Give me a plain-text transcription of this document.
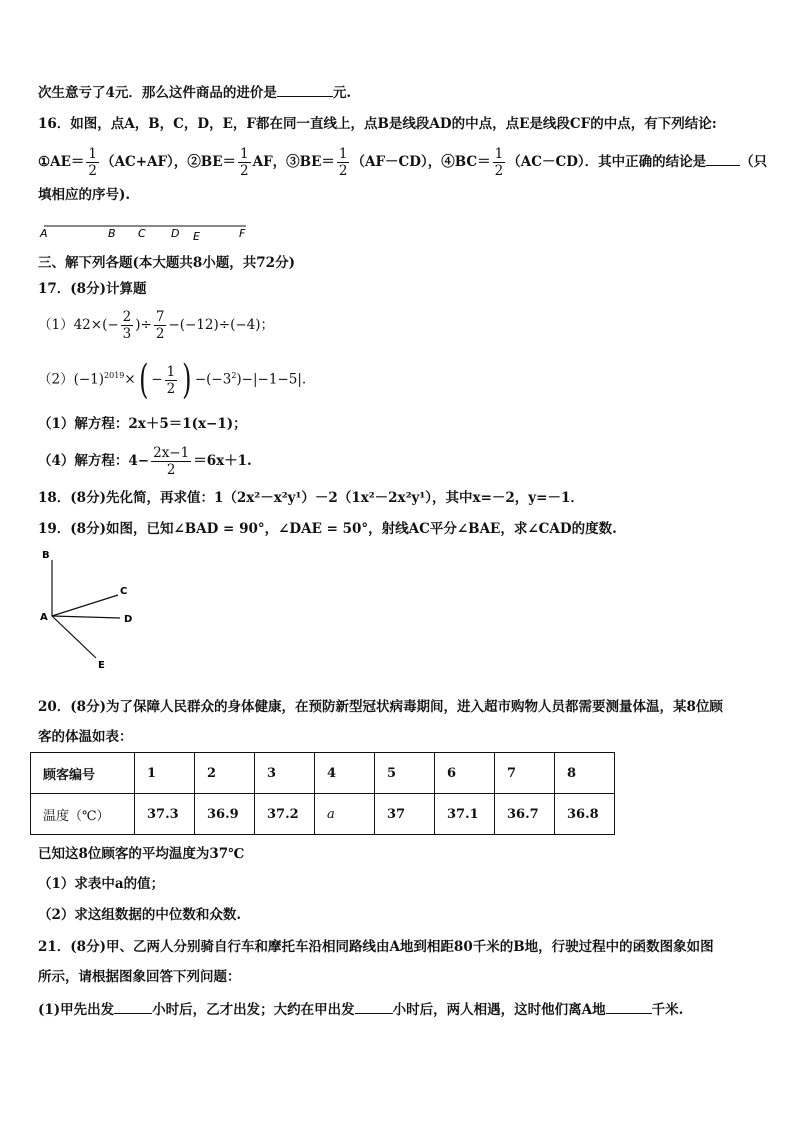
次生意亏了4元．那么这件商品的进价是	元.
16．如图，点A，B，C，D，E，F都在同一直线上，点B是线段AD的中点，点E是线段CF的中点，有下列结论:
①AE＝ $\frac{1}{2} (AC+AF)$，②BE＝ $\frac{1}{2}$ AF，③BE＝ $\frac{1}{2} (AF-CD)$，④BC＝ $\frac{1}{2} (AC-CD)$．其中正确的结论是	（只
填相应的序号).
A	B C D E	F
三、解下列各题(本大题共8小题，共72分)
17．(8分)计算题
$(1)42\times(- \frac{2}{3}$ )÷ $\frac{7}{2} -(-12)\div(-4)$；
$(2)(-1)^{2019}\times( - \frac{1}{2}$ ) $-(-3^2)-|-1-5|$.
（1）解方程：2x＋5＝1(x−1)；
（4）解方程：$4- \frac{2x-1}{2} =6x+1$.
18．(8分)先化简，再求值：1（2x²－x²y¹）－2（1x²－2x²y¹），其中x=－2，y=－1．
19．(8分)如图，已知∠BAD = 90°，∠DAE = 50°，射线AC平分∠BAE，求∠CAD的度数.
B
C
A	D
E
20．(8分)为了保障人民群众的身体健康，在预防新型冠状病毒期间，进入超市购物人员都需要测量体温，某8位顾
客的体温如表：
顾客编号	1	2	3	4	5	6	7	8
温度（℃）	37.3	36.9	37.2	a	37	37.1	36.7	36.8
已知这8位顾客的平均温度为37℃
（1）求表中a的值；
（2）求这组数据的中位数和众数.
21．(8分)甲、乙两人分别骑自行车和摩托车沿相同路线由A地到相距80千米的B地，行驶过程中的函数图象如图
所示，请根据图象回答下列问题：
(1)甲先出发	小时后，乙才出发；大约在甲出发	小时后，两人相遇，这时他们离A地	千米.
